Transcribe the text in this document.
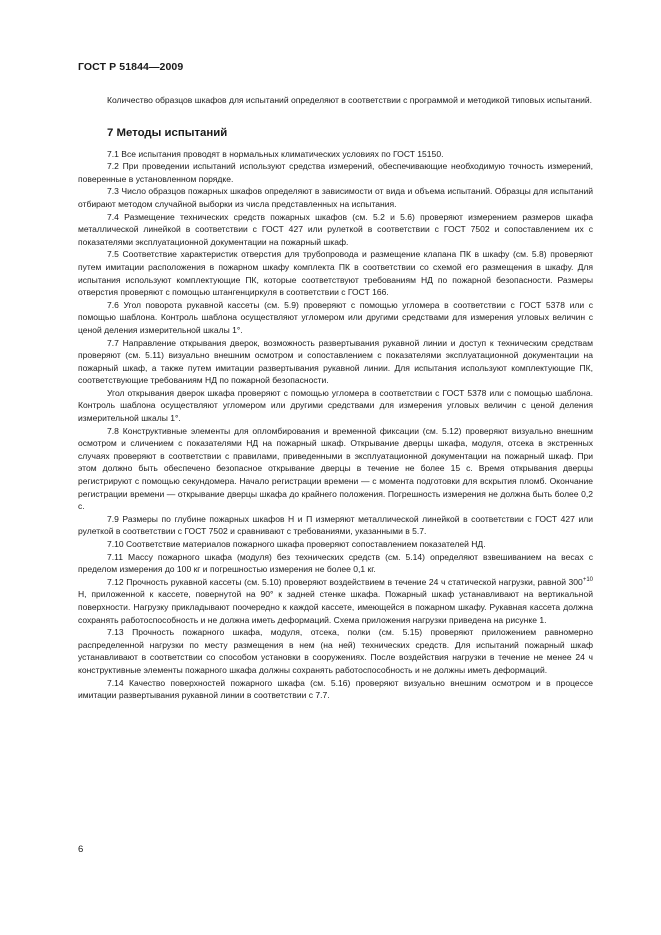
ГОСТ Р 51844—2009

Количество образцов шкафов для испытаний определяют в соответствии с программой и методикой типовых испытаний.

7 Методы испытаний

7.1 Все испытания проводят в нормальных климатических условиях по ГОСТ 15150.

7.2 При проведении испытаний используют средства измерений, обеспечивающие необходимую точность измерений, поверенные в установленном порядке.

7.3 Число образцов пожарных шкафов определяют в зависимости от вида и объема испытаний. Образцы для испытаний отбирают методом случайной выборки из числа представленных на испытания.

7.4 Размещение технических средств пожарных шкафов (см. 5.2 и 5.6) проверяют измерением размеров шкафа металлической линейкой в соответствии с ГОСТ 427 или рулеткой в соответствии с ГОСТ 7502 и сопоставлением их с показателями эксплуатационной документации на пожарный шкаф.

7.5 Соответствие характеристик отверстия для трубопровода и размещение клапана ПК в шкафу (см. 5.8) проверяют путем имитации расположения в пожарном шкафу комплекта ПК в соответствии со схемой его размещения в шкафу. Для испытания используют комплектующие ПК, которые соответствуют требованиям НД по пожарной безопасности. Размеры отверстия проверяют с помощью штангенциркуля в соответствии с ГОСТ 166.

7.6 Угол поворота рукавной кассеты (см. 5.9) проверяют с помощью угломера в соответствии с ГОСТ 5378 или с помощью шаблона. Контроль шаблона осуществляют угломером или другими средствами для измерения угловых величин с ценой деления измерительной шкалы 1°.

7.7 Направление открывания дверок, возможность развертывания рукавной линии и доступ к техническим средствам проверяют (см. 5.11) визуально внешним осмотром и сопоставлением с показателями эксплуатационной документации на пожарный шкаф, а также путем имитации развертывания рукавной линии. Для испытания используют комплектующие ПК, соответствующие требованиям НД по пожарной безопасности.

Угол открывания дверок шкафа проверяют с помощью угломера в соответствии с ГОСТ 5378 или с помощью шаблона. Контроль шаблона осуществляют угломером или другими средствами для измерения угловых величин с ценой деления измерительной шкалы 1°.

7.8 Конструктивные элементы для опломбирования и временной фиксации (см. 5.12) проверяют визуально внешним осмотром и сличением с показателями НД на пожарный шкаф. Открывание дверцы шкафа, модуля, отсека в экстренных случаях проверяют в соответствии с правилами, приведенными в эксплуатационной документации на пожарный шкаф. При этом должно быть обеспечено безопасное открывание дверцы в течение не более 15 с. Время открывания дверцы регистрируют с помощью секундомера. Начало регистрации времени — с момента подготовки для вскрытия пломб. Окончание регистрации времени — открывание дверцы шкафа до крайнего положения. Погрешность измерения не должна быть более 0,2 с.

7.9 Размеры по глубине пожарных шкафов Н и П измеряют металлической линейкой в соответствии с ГОСТ 427 или рулеткой в соответствии с ГОСТ 7502 и сравнивают с требованиями, указанными в 5.7.

7.10 Соответствие материалов пожарного шкафа проверяют сопоставлением показателей НД.

7.11 Массу пожарного шкафа (модуля) без технических средств (см. 5.14) определяют взвешиванием на весах с пределом измерения до 100 кг и погрешностью измерения не более 0,1 кг.

7.12 Прочность рукавной кассеты (см. 5.10) проверяют воздействием в течение 24 ч статической нагрузки, равной $300^{+10}$ Н, приложенной к кассете, повернутой на 90° к задней стенке шкафа. Пожарный шкаф устанавливают на вертикальной поверхности. Нагрузку прикладывают поочередно к каждой кассете, имеющейся в пожарном шкафу. Рукавная кассета должна сохранять работоспособность и не должна иметь деформаций. Схема приложения нагрузки приведена на рисунке 1.

7.13 Прочность пожарного шкафа, модуля, отсека, полки (см. 5.15) проверяют приложением равномерно распределенной нагрузки по месту размещения в нем (на ней) технических средств. Для испытаний пожарный шкаф устанавливают в соответствии со способом установки в сооружениях. После воздействия нагрузки в течение не менее 24 ч конструктивные элементы пожарного шкафа должны сохранять работоспособность и не должны иметь деформаций.

7.14 Качество поверхностей пожарного шкафа (см. 5.16) проверяют визуально внешним осмотром и в процессе имитации развертывания рукавной линии в соответствии с 7.7.

6
